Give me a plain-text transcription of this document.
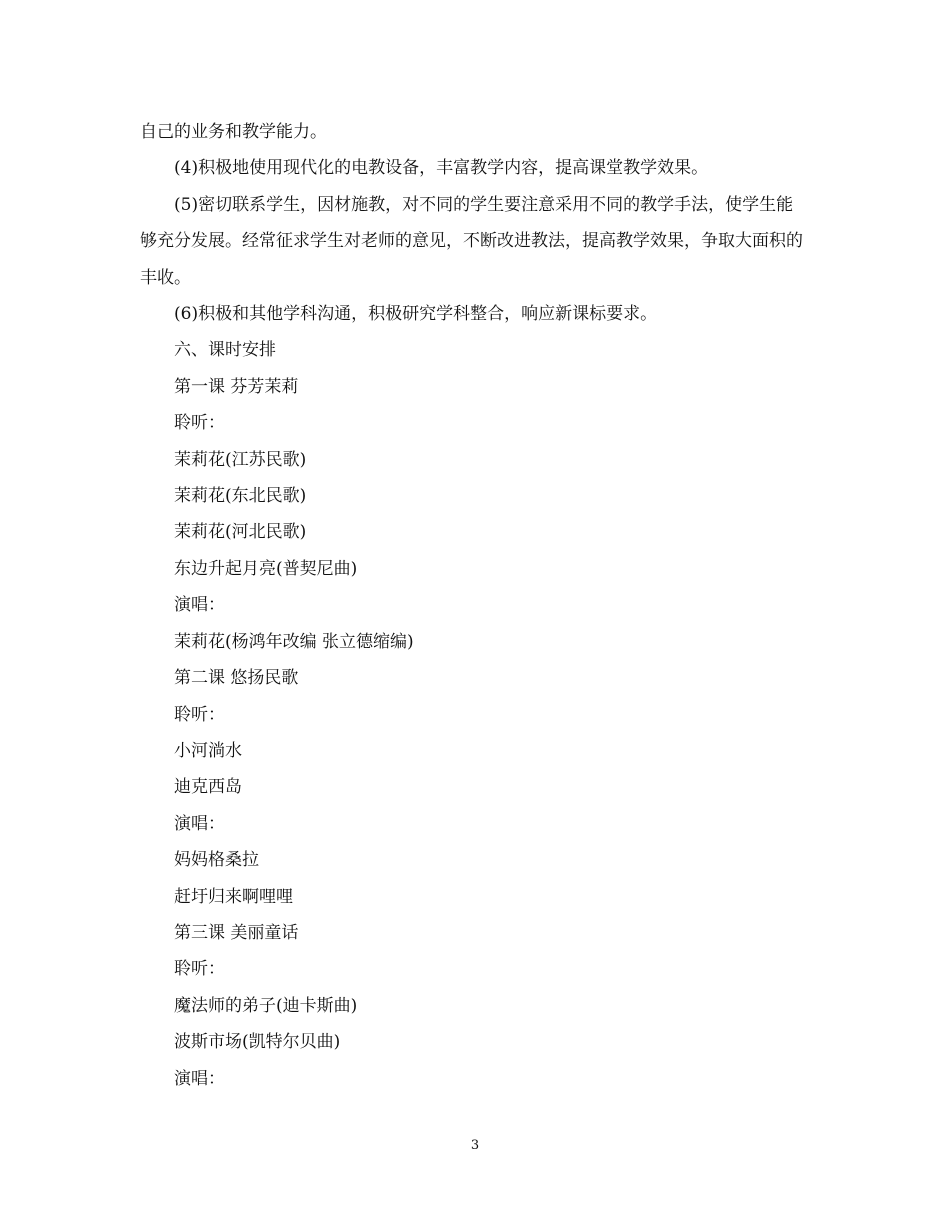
自己的业务和教学能力。

(4)积极地使用现代化的电教设备，丰富教学内容，提高课堂教学效果。

(5)密切联系学生，因材施教，对不同的学生要注意采用不同的教学手法，使学生能够充分发展。经常征求学生对老师的意见，不断改进教法，提高教学效果，争取大面积的丰收。

(6)积极和其他学科沟通，积极研究学科整合，响应新课标要求。

六、课时安排

第一课 芬芳茉莉

聆听：

茉莉花(江苏民歌)

茉莉花(东北民歌)

茉莉花(河北民歌)

东边升起月亮(普契尼曲)

演唱：

茉莉花(杨鸿年改编 张立德缩编)

第二课 悠扬民歌

聆听：

小河淌水

迪克西岛

演唱：

妈妈格桑拉

赶圩归来啊哩哩

第三课 美丽童话

聆听：

魔法师的弟子(迪卡斯曲)

波斯市场(凯特尔贝曲)

演唱：

3
